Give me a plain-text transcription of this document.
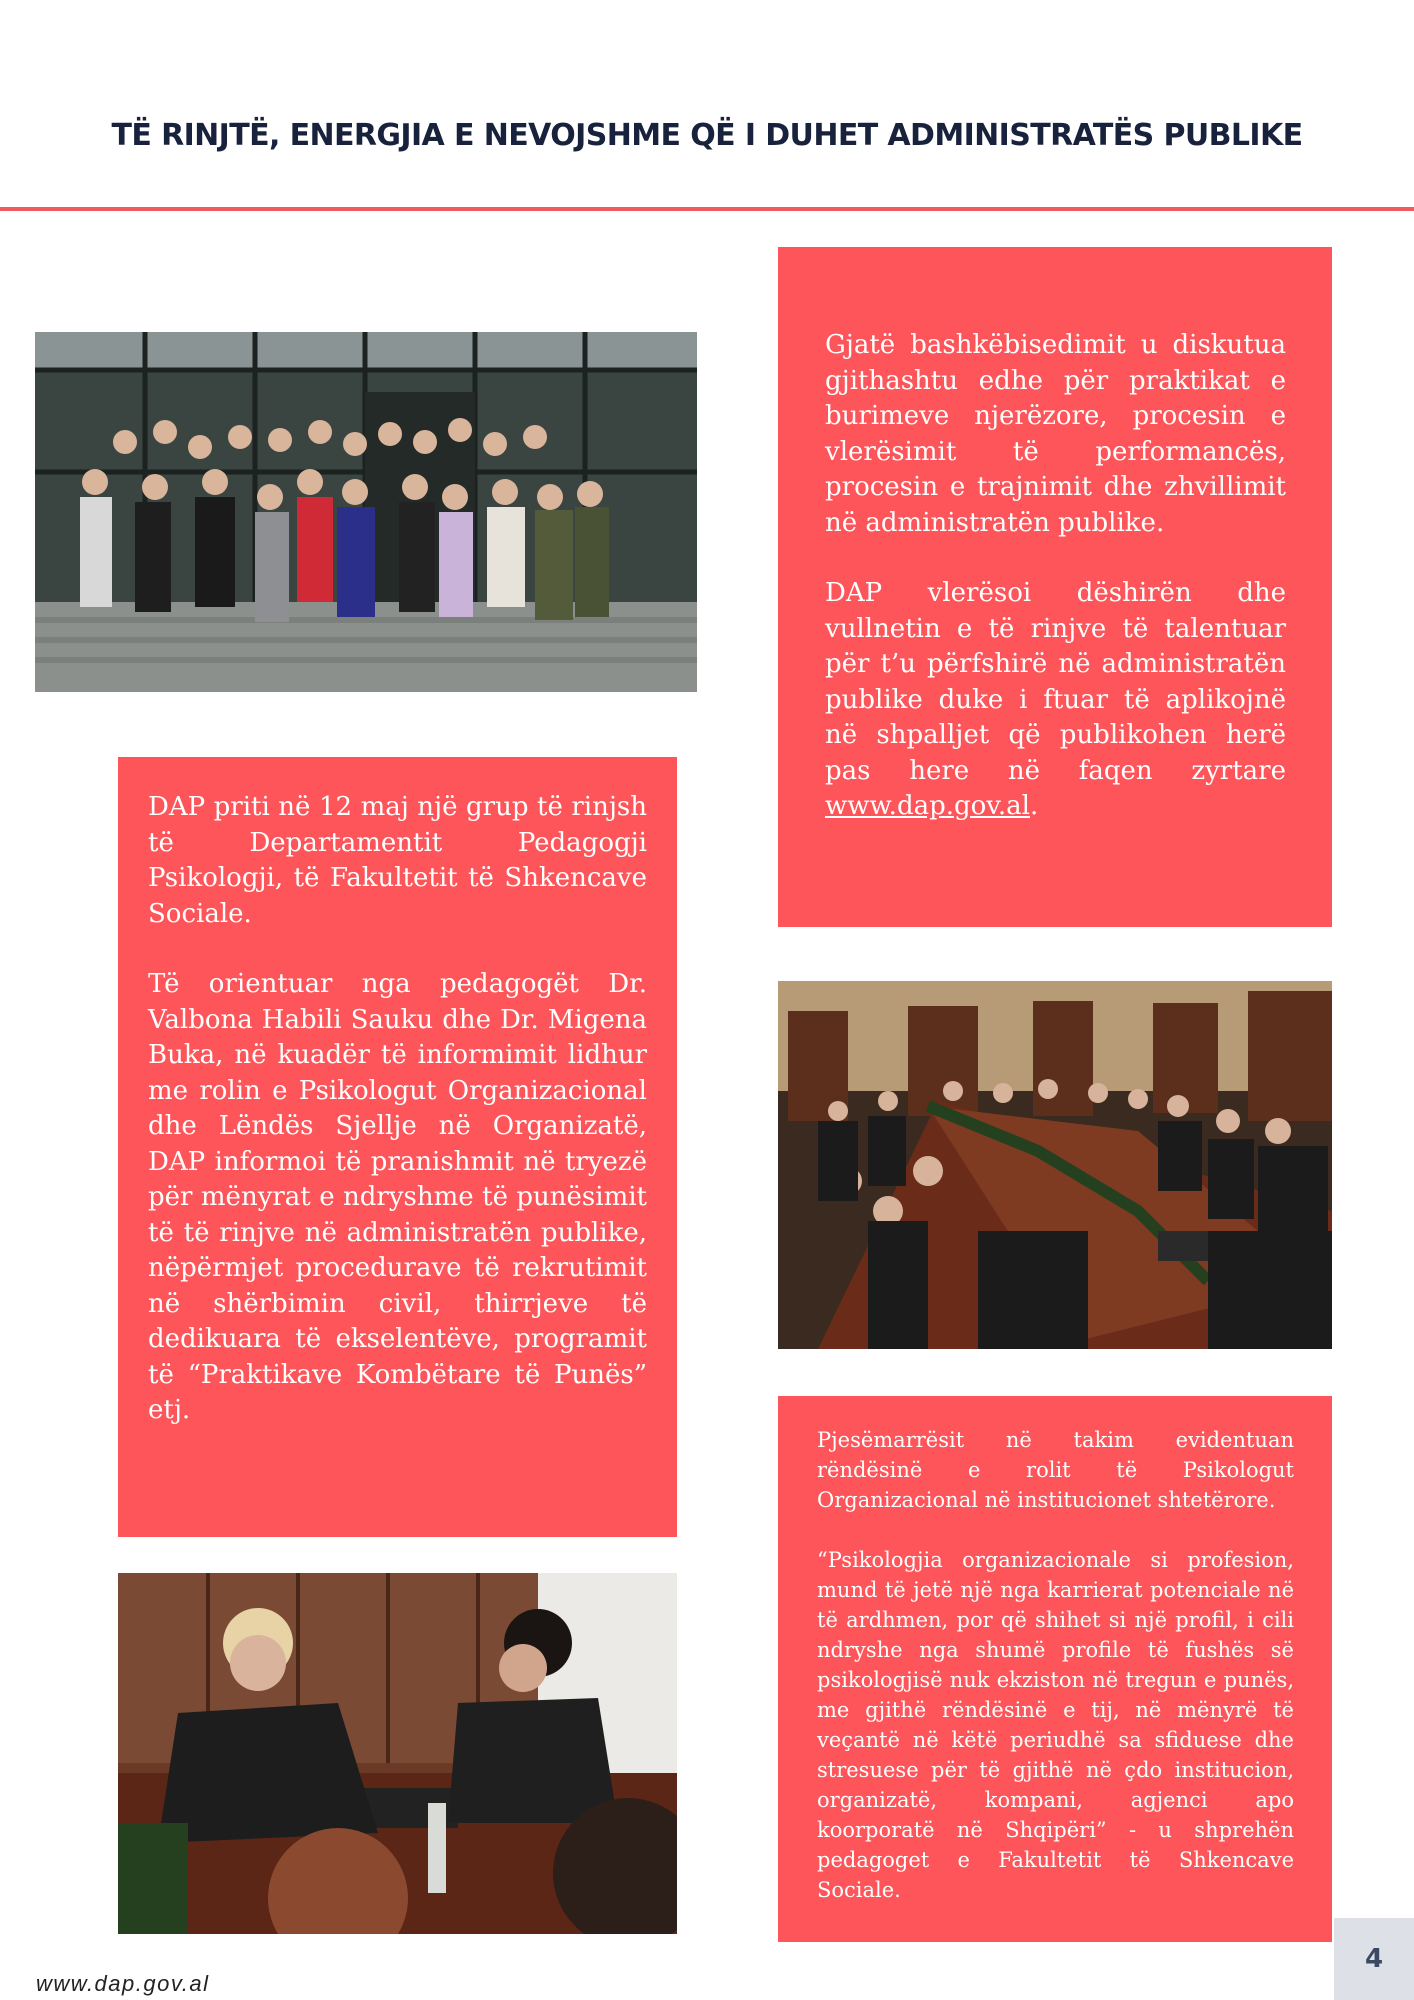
TË RINJTË, ENERGJIA E NEVOJSHME QË I DUHET ADMINISTRATËS PUBLIKE

Gjatë bashkëbisedimit u diskutua gjithashtu edhe për praktikat e burimeve njerëzore, procesin e vlerësimit të performancës, procesin e trajnimit dhe zhvillimit në administratën publike.

DAP vlerësoi dëshirën dhe vullnetin e të rinjve të talentuar për t’u përfshirë në administratën publike duke i ftuar të aplikojnë në shpalljet që publikohen herë pas here në faqen zyrtare www.dap.gov.al.

DAP priti në 12 maj një grup të rinjsh të Departamentit Pedagogji Psikologji, të Fakultetit të Shkencave Sociale.

Të orientuar nga pedagogët Dr. Valbona Habili Sauku dhe Dr. Migena Buka, në kuadër të informimit lidhur me rolin e Psikologut Organizacional dhe Lëndës Sjellje në Organizatë, DAP informoi të pranishmit në tryezë për mënyrat e ndryshme të punësimit të të rinjve në administratën publike, nëpërmjet procedurave të rekrutimit në shërbimin civil, thirrjeve të dedikuara të ekselentëve, programit të “Praktikave Kombëtare të Punës” etj.

Pjesëmarrësit në takim evidentuan rëndësinë e rolit të Psikologut Organizacional në institucionet shtetërore.

“Psikologjia organizacionale si profesion, mund të jetë një nga karrierat potenciale në të ardhmen, por që shihet si një profil, i cili ndryshe nga shumë profile të fushës së psikologjisë nuk ekziston në tregun e punës, me gjithë rëndësinë e tij, në mënyrë të veçantë në këtë periudhë sa sfiduese dhe stresuese për të gjithë në çdo institucion, organizatë, kompani, agjenci apo koorporatë në Shqipëri” - u shprehën pedagoget e Fakultetit të Shkencave Sociale.

www.dap.gov.al

4
